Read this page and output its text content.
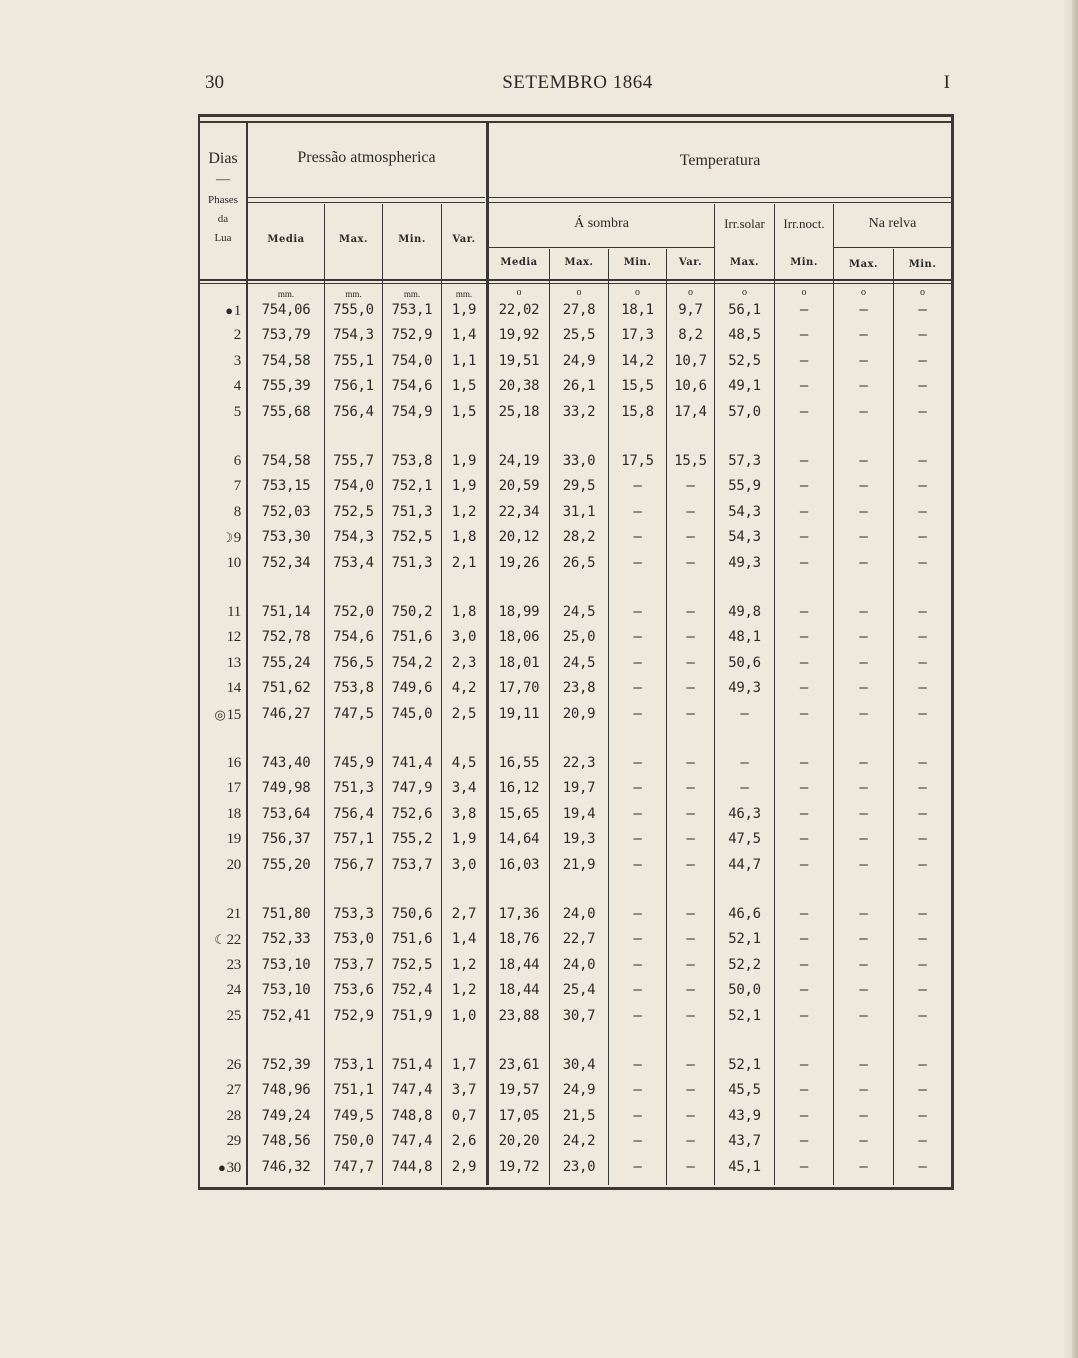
30	SETEMBRO 1864	I
Dias
—
Phases
da
Lua
Pressão atmospherica	Temperatura
Media	Max.	Min.	Var.
Á sombra	Irr.solar	Irr.noct.	Na relva
Media	Max.	Min.	Var.	Max.	Min.	Max.	Min.
mm.	mm.	mm.	mm.	o	o	o	o	o	o	o	o
●1	754,06	755,0	753,1	1,9	22,02	27,8	18,1	9,7	56,1	—	—	—
2	753,79	754,3	752,9	1,4	19,92	25,5	17,3	8,2	48,5	—	—	—
3	754,58	755,1	754,0	1,1	19,51	24,9	14,2	10,7	52,5	—	—	—
4	755,39	756,1	754,6	1,5	20,38	26,1	15,5	10,6	49,1	—	—	—
5	755,68	756,4	754,9	1,5	25,18	33,2	15,8	17,4	57,0	—	—	—
6	754,58	755,7	753,8	1,9	24,19	33,0	17,5	15,5	57,3	—	—	—
7	753,15	754,0	752,1	1,9	20,59	29,5	—	—	55,9	—	—	—
8	752,03	752,5	751,3	1,2	22,34	31,1	—	—	54,3	—	—	—
☽9	753,30	754,3	752,5	1,8	20,12	28,2	—	—	54,3	—	—	—
10	752,34	753,4	751,3	2,1	19,26	26,5	—	—	49,3	—	—	—
11	751,14	752,0	750,2	1,8	18,99	24,5	—	—	49,8	—	—	—
12	752,78	754,6	751,6	3,0	18,06	25,0	—	—	48,1	—	—	—
13	755,24	756,5	754,2	2,3	18,01	24,5	—	—	50,6	—	—	—
14	751,62	753,8	749,6	4,2	17,70	23,8	—	—	49,3	—	—	—
◎15	746,27	747,5	745,0	2,5	19,11	20,9	—	—	—	—	—	—
16	743,40	745,9	741,4	4,5	16,55	22,3	—	—	—	—	—	—
17	749,98	751,3	747,9	3,4	16,12	19,7	—	—	—	—	—	—
18	753,64	756,4	752,6	3,8	15,65	19,4	—	—	46,3	—	—	—
19	756,37	757,1	755,2	1,9	14,64	19,3	—	—	47,5	—	—	—
20	755,20	756,7	753,7	3,0	16,03	21,9	—	—	44,7	—	—	—
21	751,80	753,3	750,6	2,7	17,36	24,0	—	—	46,6	—	—	—
☾22	752,33	753,0	751,6	1,4	18,76	22,7	—	—	52,1	—	—	—
23	753,10	753,7	752,5	1,2	18,44	24,0	—	—	52,2	—	—	—
24	753,10	753,6	752,4	1,2	18,44	25,4	—	—	50,0	—	—	—
25	752,41	752,9	751,9	1,0	23,88	30,7	—	—	52,1	—	—	—
26	752,39	753,1	751,4	1,7	23,61	30,4	—	—	52,1	—	—	—
27	748,96	751,1	747,4	3,7	19,57	24,9	—	—	45,5	—	—	—
28	749,24	749,5	748,8	0,7	17,05	21,5	—	—	43,9	—	—	—
29	748,56	750,0	747,4	2,6	20,20	24,2	—	—	43,7	—	—	—
●30	746,32	747,7	744,8	2,9	19,72	23,0	—	—	45,1	—	—	—
